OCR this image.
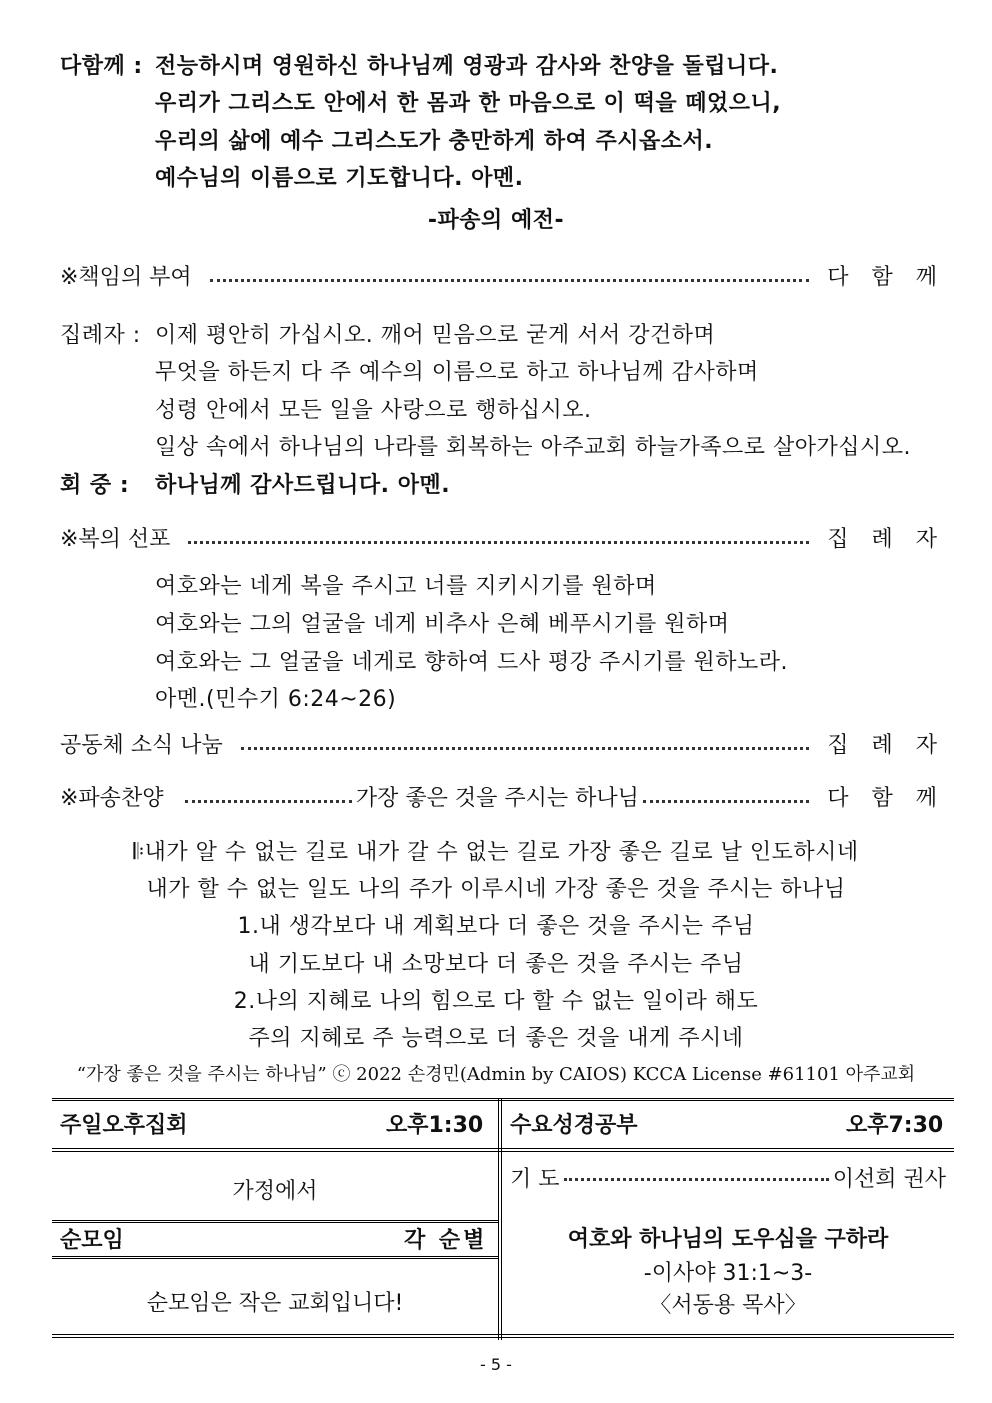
다함께 : 전능하시며 영원하신 하나님께 영광과 감사와 찬양을 돌립니다.
우리가 그리스도 안에서 한 몸과 한 마음으로 이 떡을 떼었으니,
우리의 삶에 예수 그리스도가 충만하게 하여 주시옵소서.
예수님의 이름으로 기도합니다. 아멘.
-파송의 예전-
※책임의 부여	다 함 께
집례자 : 이제 평안히 가십시오. 깨어 믿음으로 굳게 서서 강건하며
무엇을 하든지 다 주 예수의 이름으로 하고 하나님께 감사하며
성령 안에서 모든 일을 사랑으로 행하십시오.
일상 속에서 하나님의 나라를 회복하는 아주교회 하늘가족으로 살아가십시오.
회 중 : 하나님께 감사드립니다. 아멘.
※복의 선포	집 례 자
여호와는 네게 복을 주시고 너를 지키시기를 원하며
여호와는 그의 얼굴을 네게 비추사 은혜 베푸시기를 원하며
여호와는 그 얼굴을 네게로 향하여 드사 평강 주시기를 원하노라.
아멘.(민수기 6:24~26)
공동체 소식 나눔	집 례 자
※파송찬양	가장 좋은 것을 주시는 하나님	다 함 께
𝄆내가 알 수 없는 길로 내가 갈 수 없는 길로 가장 좋은 길로 날 인도하시네
내가 할 수 없는 일도 나의 주가 이루시네 가장 좋은 것을 주시는 하나님
1.내 생각보다 내 계획보다 더 좋은 것을 주시는 주님
내 기도보다 내 소망보다 더 좋은 것을 주시는 주님
2.나의 지혜로 나의 힘으로 다 할 수 없는 일이라 해도
주의 지혜로 주 능력으로 더 좋은 것을 내게 주시네
“가장 좋은 것을 주시는 하나님” ⓒ 2022 손경민(Admin by CAIOS) KCCA License #61101 아주교회
주일오후집회	오후1:30
가정에서
순모임	각 순별
순모임은 작은 교회입니다!
수요성경공부	오후7:30
기 도	이선희 권사
여호와 하나님의 도우심을 구하라
-이사야 31:1~3-
〈서동용 목사〉
- 5 -
